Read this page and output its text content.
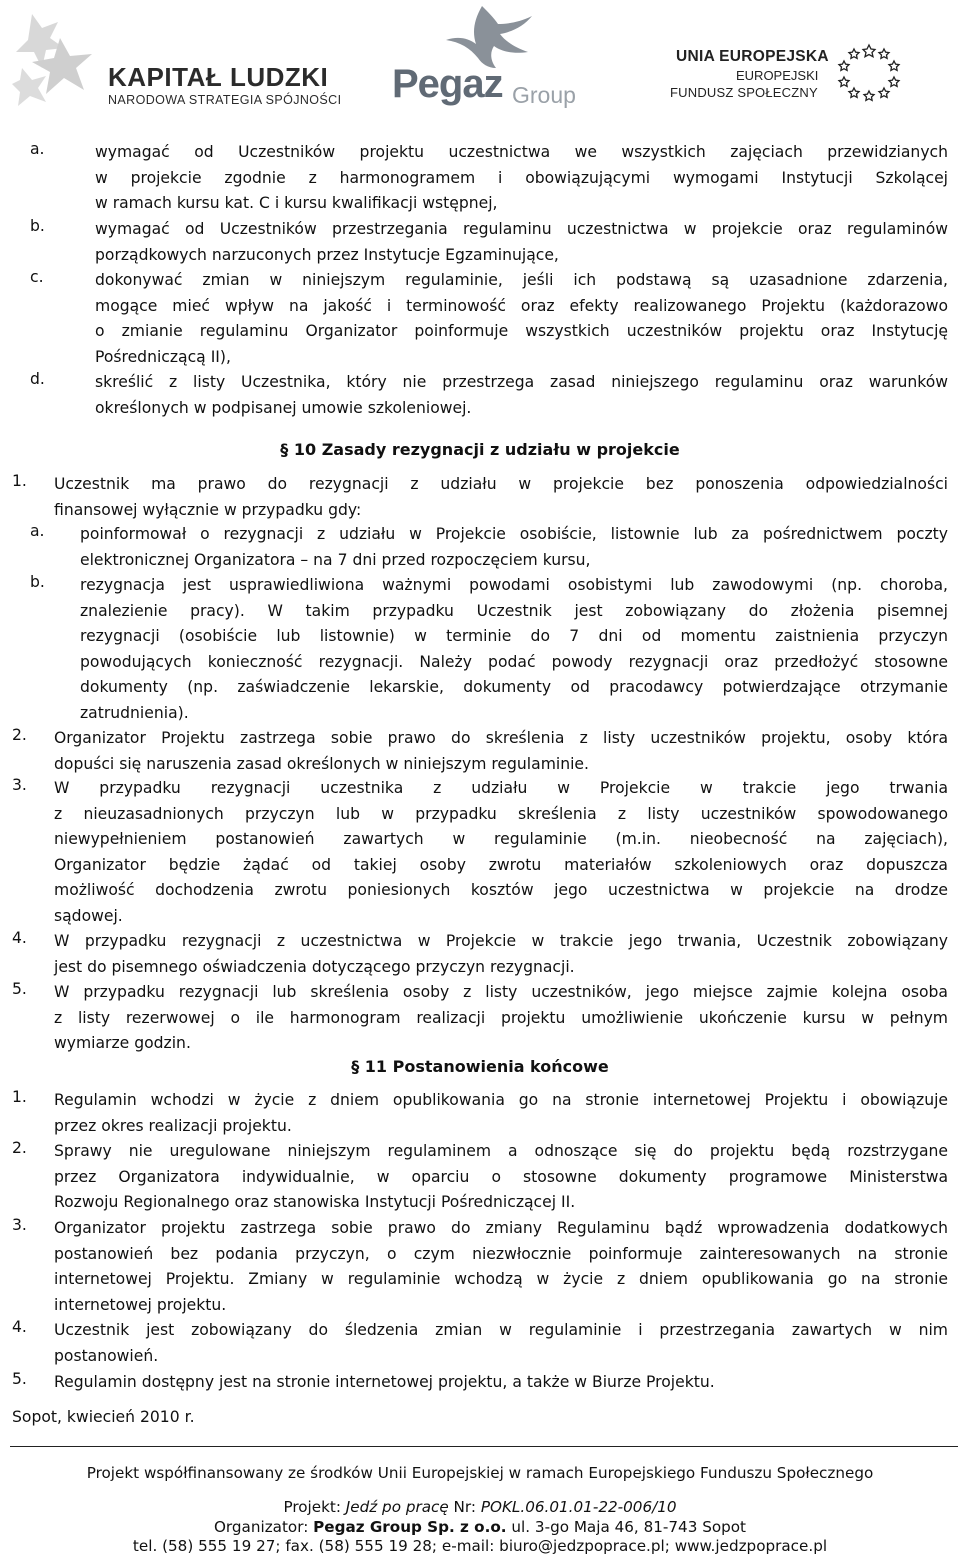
KAPITAŁ LUDZKI
NARODOWA STRATEGIA SPÓJNOŚCI Pegaz Group
UNIA EUROPEJSKA
EUROPEJSKI
FUNDUSZ SPOŁECZNY
a.	wymagać od Uczestników projektu uczestnictwa we wszystkich zajęciach przewidzianych
w projekcie zgodnie z harmonogramem i obowiązującymi wymogami Instytucji Szkolącej
w ramach kursu kat. C i kursu kwalifikacji wstępnej,
b.	wymagać od Uczestników przestrzegania regulaminu uczestnictwa w projekcie oraz regulaminów
porządkowych narzuconych przez Instytucje Egzaminujące,
c.	dokonywać zmian w niniejszym regulaminie, jeśli ich podstawą są uzasadnione zdarzenia,
mogące mieć wpływ na jakość i terminowość oraz efekty realizowanego Projektu (każdorazowo
o zmianie regulaminu Organizator poinformuje wszystkich uczestników projektu oraz Instytucję
Pośredniczącą II),
d.	skreślić z listy Uczestnika, który nie przestrzega zasad niniejszego regulaminu oraz warunków
określonych w podpisanej umowie szkoleniowej.
§ 10 Zasady rezygnacji z udziału w projekcie
1. Uczestnik ma prawo do rezygnacji z udziału w projekcie bez ponoszenia odpowiedzialności
finansowej wyłącznie w przypadku gdy:
a. poinformował o rezygnacji z udziału w Projekcie osobiście, listownie lub za pośrednictwem poczty
elektronicznej Organizatora – na 7 dni przed rozpoczęciem kursu,
b. rezygnacja jest usprawiedliwiona ważnymi powodami osobistymi lub zawodowymi (np. choroba,
znalezienie pracy). W takim przypadku Uczestnik jest zobowiązany do złożenia pisemnej
rezygnacji (osobiście lub listownie) w terminie do 7 dni od momentu zaistnienia przyczyn
powodujących konieczność rezygnacji. Należy podać powody rezygnacji oraz przedłożyć stosowne
dokumenty (np. zaświadczenie lekarskie, dokumenty od pracodawcy potwierdzające otrzymanie
zatrudnienia).
2. Organizator Projektu zastrzega sobie prawo do skreślenia z listy uczestników projektu, osoby która
dopuści się naruszenia zasad określonych w niniejszym regulaminie.
3. W przypadku rezygnacji uczestnika z udziału w Projekcie w trakcie jego trwania
z nieuzasadnionych przyczyn lub w przypadku skreślenia z listy uczestników spowodowanego
niewypełnieniem postanowień zawartych w regulaminie (m.in. nieobecność na zajęciach),
Organizator będzie żądać od takiej osoby zwrotu materiałów szkoleniowych oraz dopuszcza
możliwość dochodzenia zwrotu poniesionych kosztów jego uczestnictwa w projekcie na drodze
sądowej.
4. W przypadku rezygnacji z uczestnictwa w Projekcie w trakcie jego trwania, Uczestnik zobowiązany
jest do pisemnego oświadczenia dotyczącego przyczyn rezygnacji.
5. W przypadku rezygnacji lub skreślenia osoby z listy uczestników, jego miejsce zajmie kolejna osoba
z listy rezerwowej o ile harmonogram realizacji projektu umożliwienie ukończenie kursu w pełnym
wymiarze godzin.
§ 11 Postanowienia końcowe
1. Regulamin wchodzi w życie z dniem opublikowania go na stronie internetowej Projektu i obowiązuje
przez okres realizacji projektu.
2. Sprawy nie uregulowane niniejszym regulaminem a odnoszące się do projektu będą rozstrzygane
przez Organizatora indywidualnie, w oparciu o stosowne dokumenty programowe Ministerstwa
Rozwoju Regionalnego oraz stanowiska Instytucji Pośredniczącej II.
3. Organizator projektu zastrzega sobie prawo do zmiany Regulaminu bądź wprowadzenia dodatkowych
postanowień bez podania przyczyn, o czym niezwłocznie poinformuje zainteresowanych na stronie
internetowej Projektu. Zmiany w regulaminie wchodzą w życie z dniem opublikowania go na stronie
internetowej projektu.
4. Uczestnik jest zobowiązany do śledzenia zmian w regulaminie i przestrzegania zawartych w nim
postanowień.
5. Regulamin dostępny jest na stronie internetowej projektu, a także w Biurze Projektu.
Sopot, kwiecień 2010 r.
Projekt współfinansowany ze środków Unii Europejskiej w ramach Europejskiego Funduszu Społecznego
Projekt: Jedź po pracę Nr: POKL.06.01.01-22-006/10
Organizator: Pegaz Group Sp. z o.o. ul. 3-go Maja 46, 81-743 Sopot
tel. (58) 555 19 27; fax. (58) 555 19 28; e-mail: biuro@jedzpoprace.pl; www.jedzpoprace.pl
